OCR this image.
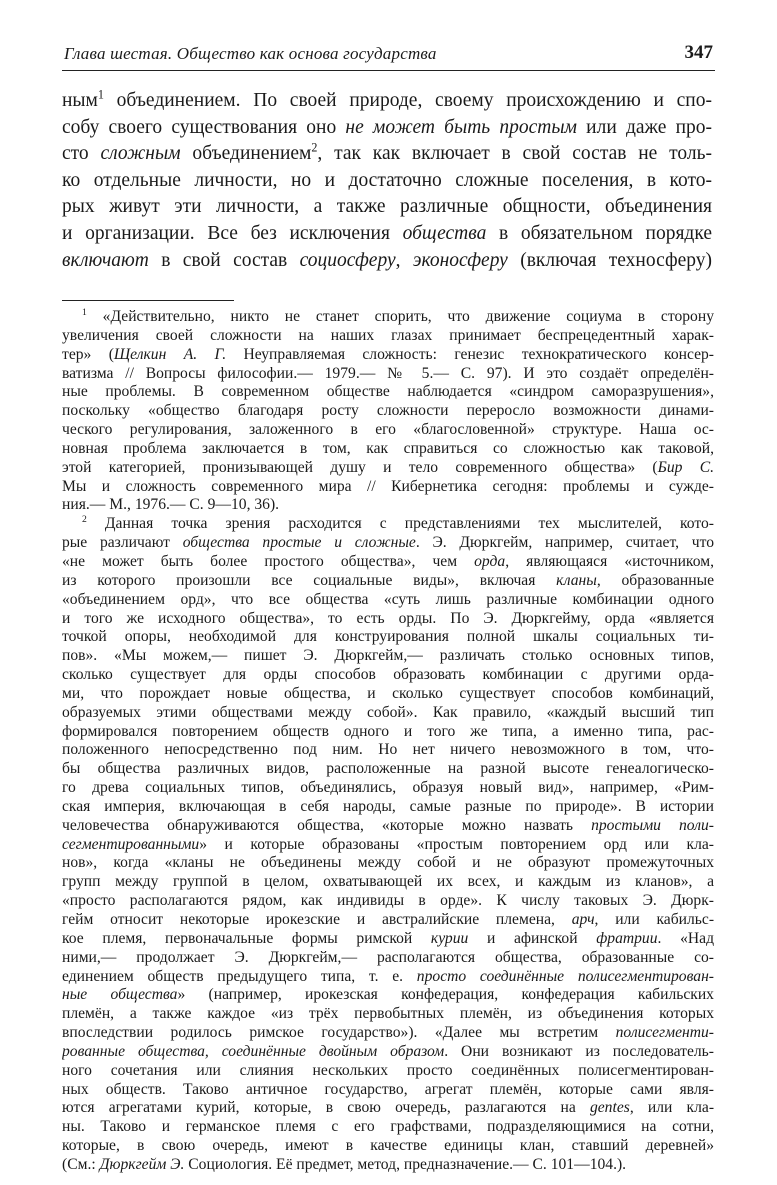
Глава шестая. Общество как основа государства	347
ным$^1$ объединением. По своей природе, своему происхождению и спо-
собу своего существования оно не может быть простым или даже про-
сто сложным объединением$^2$, так как включает в свой состав не толь-
ко отдельные личности, но и достаточно сложные поселения, в кото-
рых живут эти личности, а также различные общности, объединения
и организации. Все без исключения общества в обязательном порядке
включают в свой состав социосферу, эконосферу (включая техносферу)
$^1$ «Действительно, никто не станет спорить, что движение социума в сторону
увеличения своей сложности на наших глазах принимает беспрецедентный харак-
тер» (Щелкин А. Г. Неуправляемая сложность: генезис технократического консер-
ватизма // Вопросы философии.— 1979.— № 5.— С. 97). И это создаёт определён-
ные проблемы. В современном обществе наблюдается «синдром саморазрушения»,
поскольку «общество благодаря росту сложности переросло возможности динами-
ческого регулирования, заложенного в его «благословенной» структуре. Наша ос-
новная проблема заключается в том, как справиться со сложностью как таковой,
этой категорией, пронизывающей душу и тело современного общества» (Бир С.
Мы и сложность современного мира // Кибернетика сегодня: проблемы и сужде-
ния.— М., 1976.— С. 9—10, 36).
$^2$ Данная точка зрения расходится с представлениями тех мыслителей, кото-
рые различают общества простые и сложные. Э. Дюркгейм, например, считает, что
«не может быть более простого общества», чем орда, являющаяся «источником,
из которого произошли все социальные виды», включая кланы, образованные
«объединением орд», что все общества «суть лишь различные комбинации одного
и того же исходного общества», то есть орды. По Э. Дюркгейму, орда «является
точкой опоры, необходимой для конструирования полной шкалы социальных ти-
пов». «Мы можем,— пишет Э. Дюркгейм,— различать столько основных типов,
сколько существует для орды способов образовать комбинации с другими орда-
ми, что порождает новые общества, и сколько существует способов комбинаций,
образуемых этими обществами между собой». Как правило, «каждый высший тип
формировался повторением обществ одного и того же типа, а именно типа, рас-
положенного непосредственно под ним. Но нет ничего невозможного в том, что-
бы общества различных видов, расположенные на разной высоте генеалогическо-
го древа социальных типов, объединялись, образуя новый вид», например, «Рим-
ская империя, включающая в себя народы, самые разные по природе». В истории
человечества обнаруживаются общества, «которые можно назвать простыми поли-
сегментированными» и которые образованы «простым повторением орд или кла-
нов», когда «кланы не объединены между собой и не образуют промежуточных
групп между группой в целом, охватывающей их всех, и каждым из кланов», а
«просто располагаются рядом, как индивиды в орде». К числу таковых Э. Дюрк-
гейм относит некоторые ирокезские и австралийские племена, арч, или кабильс-
кое племя, первоначальные формы римской курии и афинской фратрии. «Над
ними,— продолжает Э. Дюркгейм,— располагаются общества, образованные со-
единением обществ предыдущего типа, т. е. просто соединённые полисегментирован-
ные общества» (например, ирокезская конфедерация, конфедерация кабильских
племён, а также каждое «из трёх первобытных племён, из объединения которых
впоследствии родилось римское государство»). «Далее мы встретим полисегменти-
рованные общества, соединённые двойным образом. Они возникают из последователь-
ного сочетания или слияния нескольких просто соединённых полисегментирован-
ных обществ. Таково античное государство, агрегат племён, которые сами явля-
ются агрегатами курий, которые, в свою очередь, разлагаются на gentes, или кла-
ны. Таково и германское племя с его графствами, подразделяющимися на сотни,
которые, в свою очередь, имеют в качестве единицы клан, ставший деревней»
(См.: Дюркгейм Э. Социология. Её предмет, метод, предназначение.— С. 101—104.).
